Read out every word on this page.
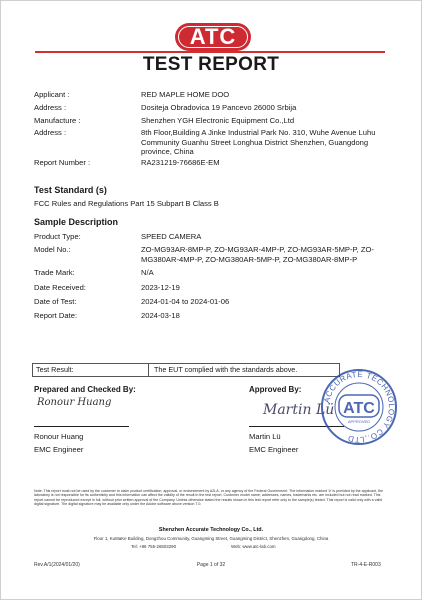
ATC
TEST REPORT
Applicant :	RED MAPLE HOME DOO
Address :	Dositeja Obradovica 19 Pancevo 26000 Srbija
Manufacture :	Shenzhen YGH Electronic Equipment Co.,Ltd
Address :	8th Floor,Building A Jinke Industrial Park No. 310, Wuhe Avenue Luhu Community Guanhu Street Longhua District Shenzhen, Guangdong province, China
Report Number :	RA231219-76686E-EM
Test Standard (s)
FCC Rules and Regulations Part 15 Subpart B Class B
Sample Description
Product Type:	SPEED CAMERA
Model No.:	ZO-MG93AR-8MP-P, ZO-MG93AR-4MP-P, ZO-MG93AR-5MP-P, ZO-MG380AR-4MP-P, ZO-MG380AR-5MP-P, ZO-MG380AR-8MP-P
Trade Mark:	N/A
Date Received:	2023-12-19
Date of Test:	2024-01-04 to 2024-01-06
Report Date:	2024-03-18
Test Result:	The EUT complied with the standards above.
Prepared and Checked By:
Ronour Huang
Ronour Huang
EMC Engineer
Approved By:
Martin Lü
Martin Lü
EMC Engineer
ACCURATE TECHNOLOGY CO.,LTD
ATC
APPROVED
Note: This report must not be used by the customer to claim product certification, approval, or endorsement by A2LA, or any agency of the Federal Government. The information marked '#' is provided by the applicant, the laboratory is not responsible for its authenticity and this information can affect the validity of the result in the test report. Customer model name, addresses, names, trademarks etc. are included but not read marked. This report cannot be reproduced except in full, without prior written approval of the Company. Unless otherwise stated the results shown in this test report refer only to the sample(s) tested. This report is valid only with a valid digital signature. The digital signature may be available only under the Adobe software above version 7.0.
Shenzhen Accurate Technology Co., Ltd.
Floor 1, KuMaKe Building, Dongzhou Community, Guangming Street, Guangming District, Shenzhen, Guangdong, China
Tel: +86 755-26503290	Web: www.atc-lab.com
Rev.A/1(2024/01/20)	Page 1 of 32	TR-4-E-R003
